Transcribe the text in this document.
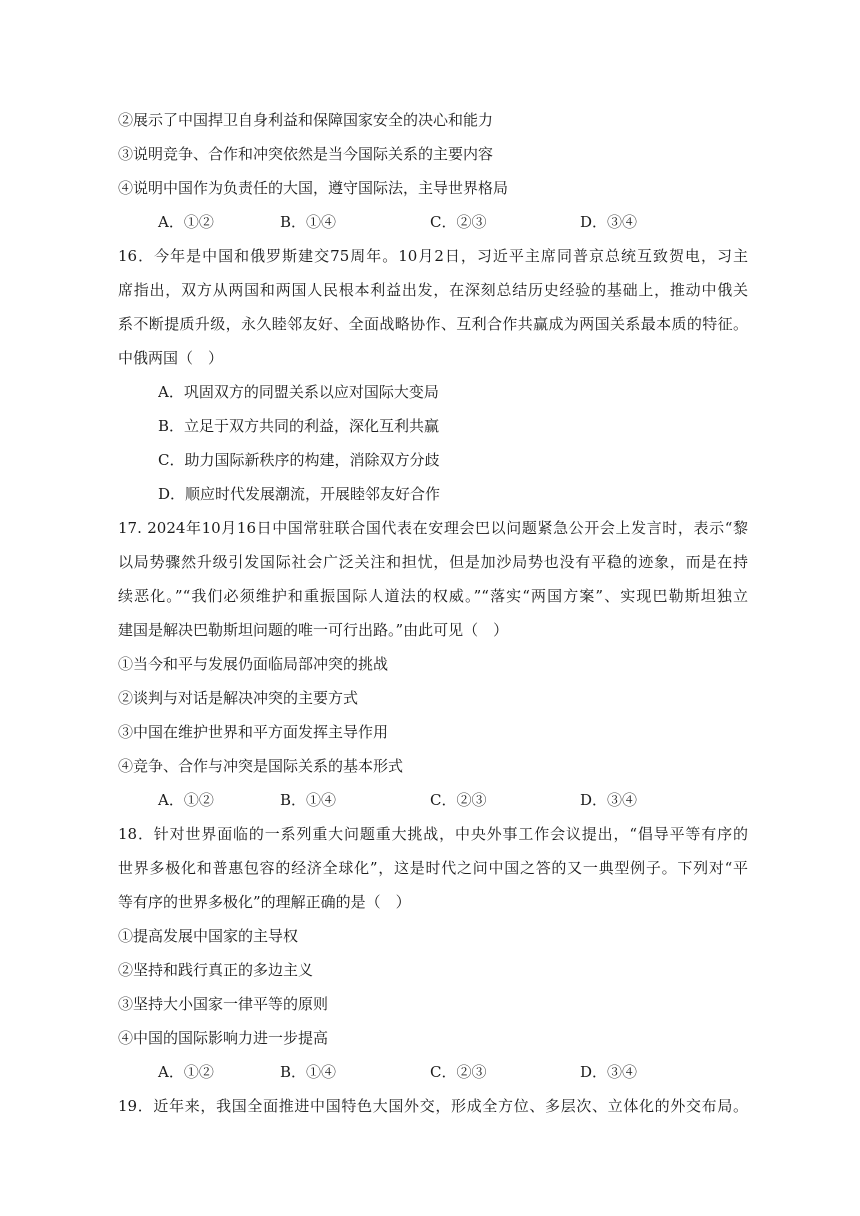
②展示了中国捍卫自身利益和保障国家安全的决心和能力
③说明竞争、合作和冲突依然是当今国际关系的主要内容
④说明中国作为负责任的大国，遵守国际法，主导世界格局
A．①②	B．①④	C．②③	D．③④
16．今年是中国和俄罗斯建交75周年。10月2日，习近平主席同普京总统互致贺电，习主
席指出，双方从两国和两国人民根本利益出发，在深刻总结历史经验的基础上，推动中俄关
系不断提质升级，永久睦邻友好、全面战略协作、互利合作共赢成为两国关系最本质的特征。
中俄两国（　）
A．巩固双方的同盟关系以应对国际大变局
B．立足于双方共同的利益，深化互利共赢
C．助力国际新秩序的构建，消除双方分歧
D．顺应时代发展潮流，开展睦邻友好合作
17. 2024年10月16日中国常驻联合国代表在安理会巴以问题紧急公开会上发言时，表示“黎
以局势骤然升级引发国际社会广泛关注和担忧，但是加沙局势也没有平稳的迹象，而是在持
续恶化。”“我们必须维护和重振国际人道法的权威。”“落实“两国方案”、实现巴勒斯坦独立
建国是解决巴勒斯坦问题的唯一可行出路。”由此可见（　）
①当今和平与发展仍面临局部冲突的挑战
②谈判与对话是解决冲突的主要方式
③中国在维护世界和平方面发挥主导作用
④竞争、合作与冲突是国际关系的基本形式
A．①②	B．①④	C．②③	D．③④
18．针对世界面临的一系列重大问题重大挑战，中央外事工作会议提出，“倡导平等有序的
世界多极化和普惠包容的经济全球化”，这是时代之问中国之答的又一典型例子。下列对“平
等有序的世界多极化”的理解正确的是（　）
①提高发展中国家的主导权
②坚持和践行真正的多边主义
③坚持大小国家一律平等的原则
④中国的国际影响力进一步提高
A．①②	B．①④	C．②③	D．③④
19．近年来，我国全面推进中国特色大国外交，形成全方位、多层次、立体化的外交布局。
